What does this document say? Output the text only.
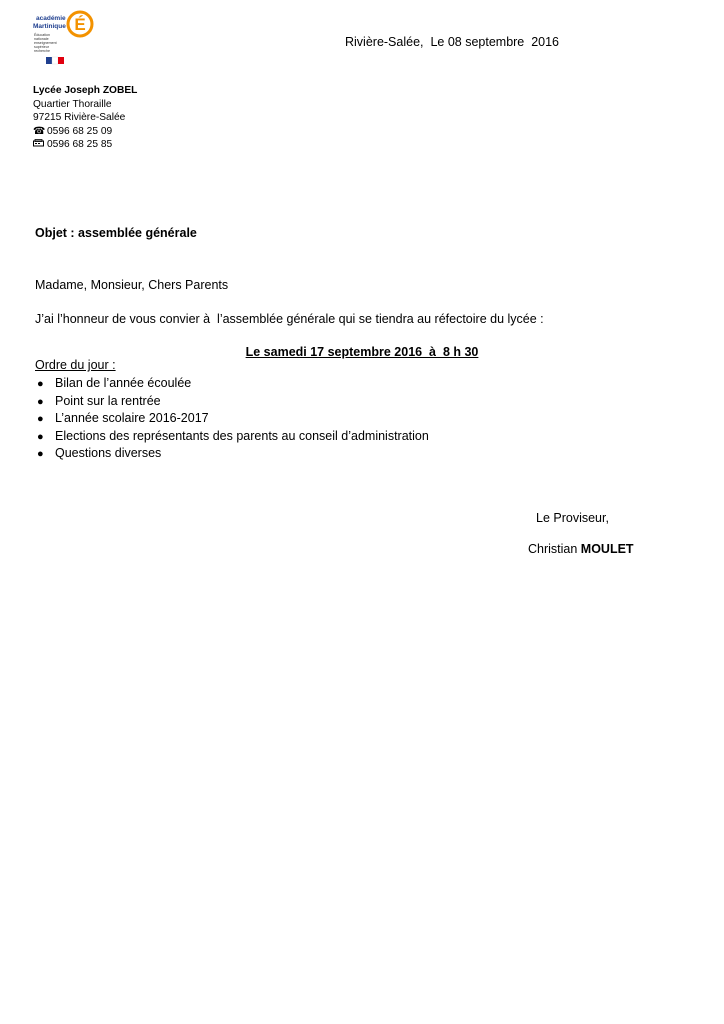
É
académie
Martinique
Éducation
nationale
enseignement
supérieur
recherche
Rivière-Salée,  Le 08 septembre  2016
Lycée Joseph ZOBEL
Quartier Thoraille
97215 Rivière-Salée
☎ 0596 68 25 09
0596 68 25 85
Objet : assemblée générale
Madame, Monsieur, Chers Parents
J’ai l’honneur de vous convier à  l’assemblée générale qui se tiendra au réfectoire du lycée :
Le samedi 17 septembre 2016  à  8 h 30
Ordre du jour :
● Bilan de l’année écoulée
● Point sur la rentrée
● L’année scolaire 2016-2017
● Elections des représentants des parents au conseil d’administration
● Questions diverses
Le Proviseur,
Christian MOULET
